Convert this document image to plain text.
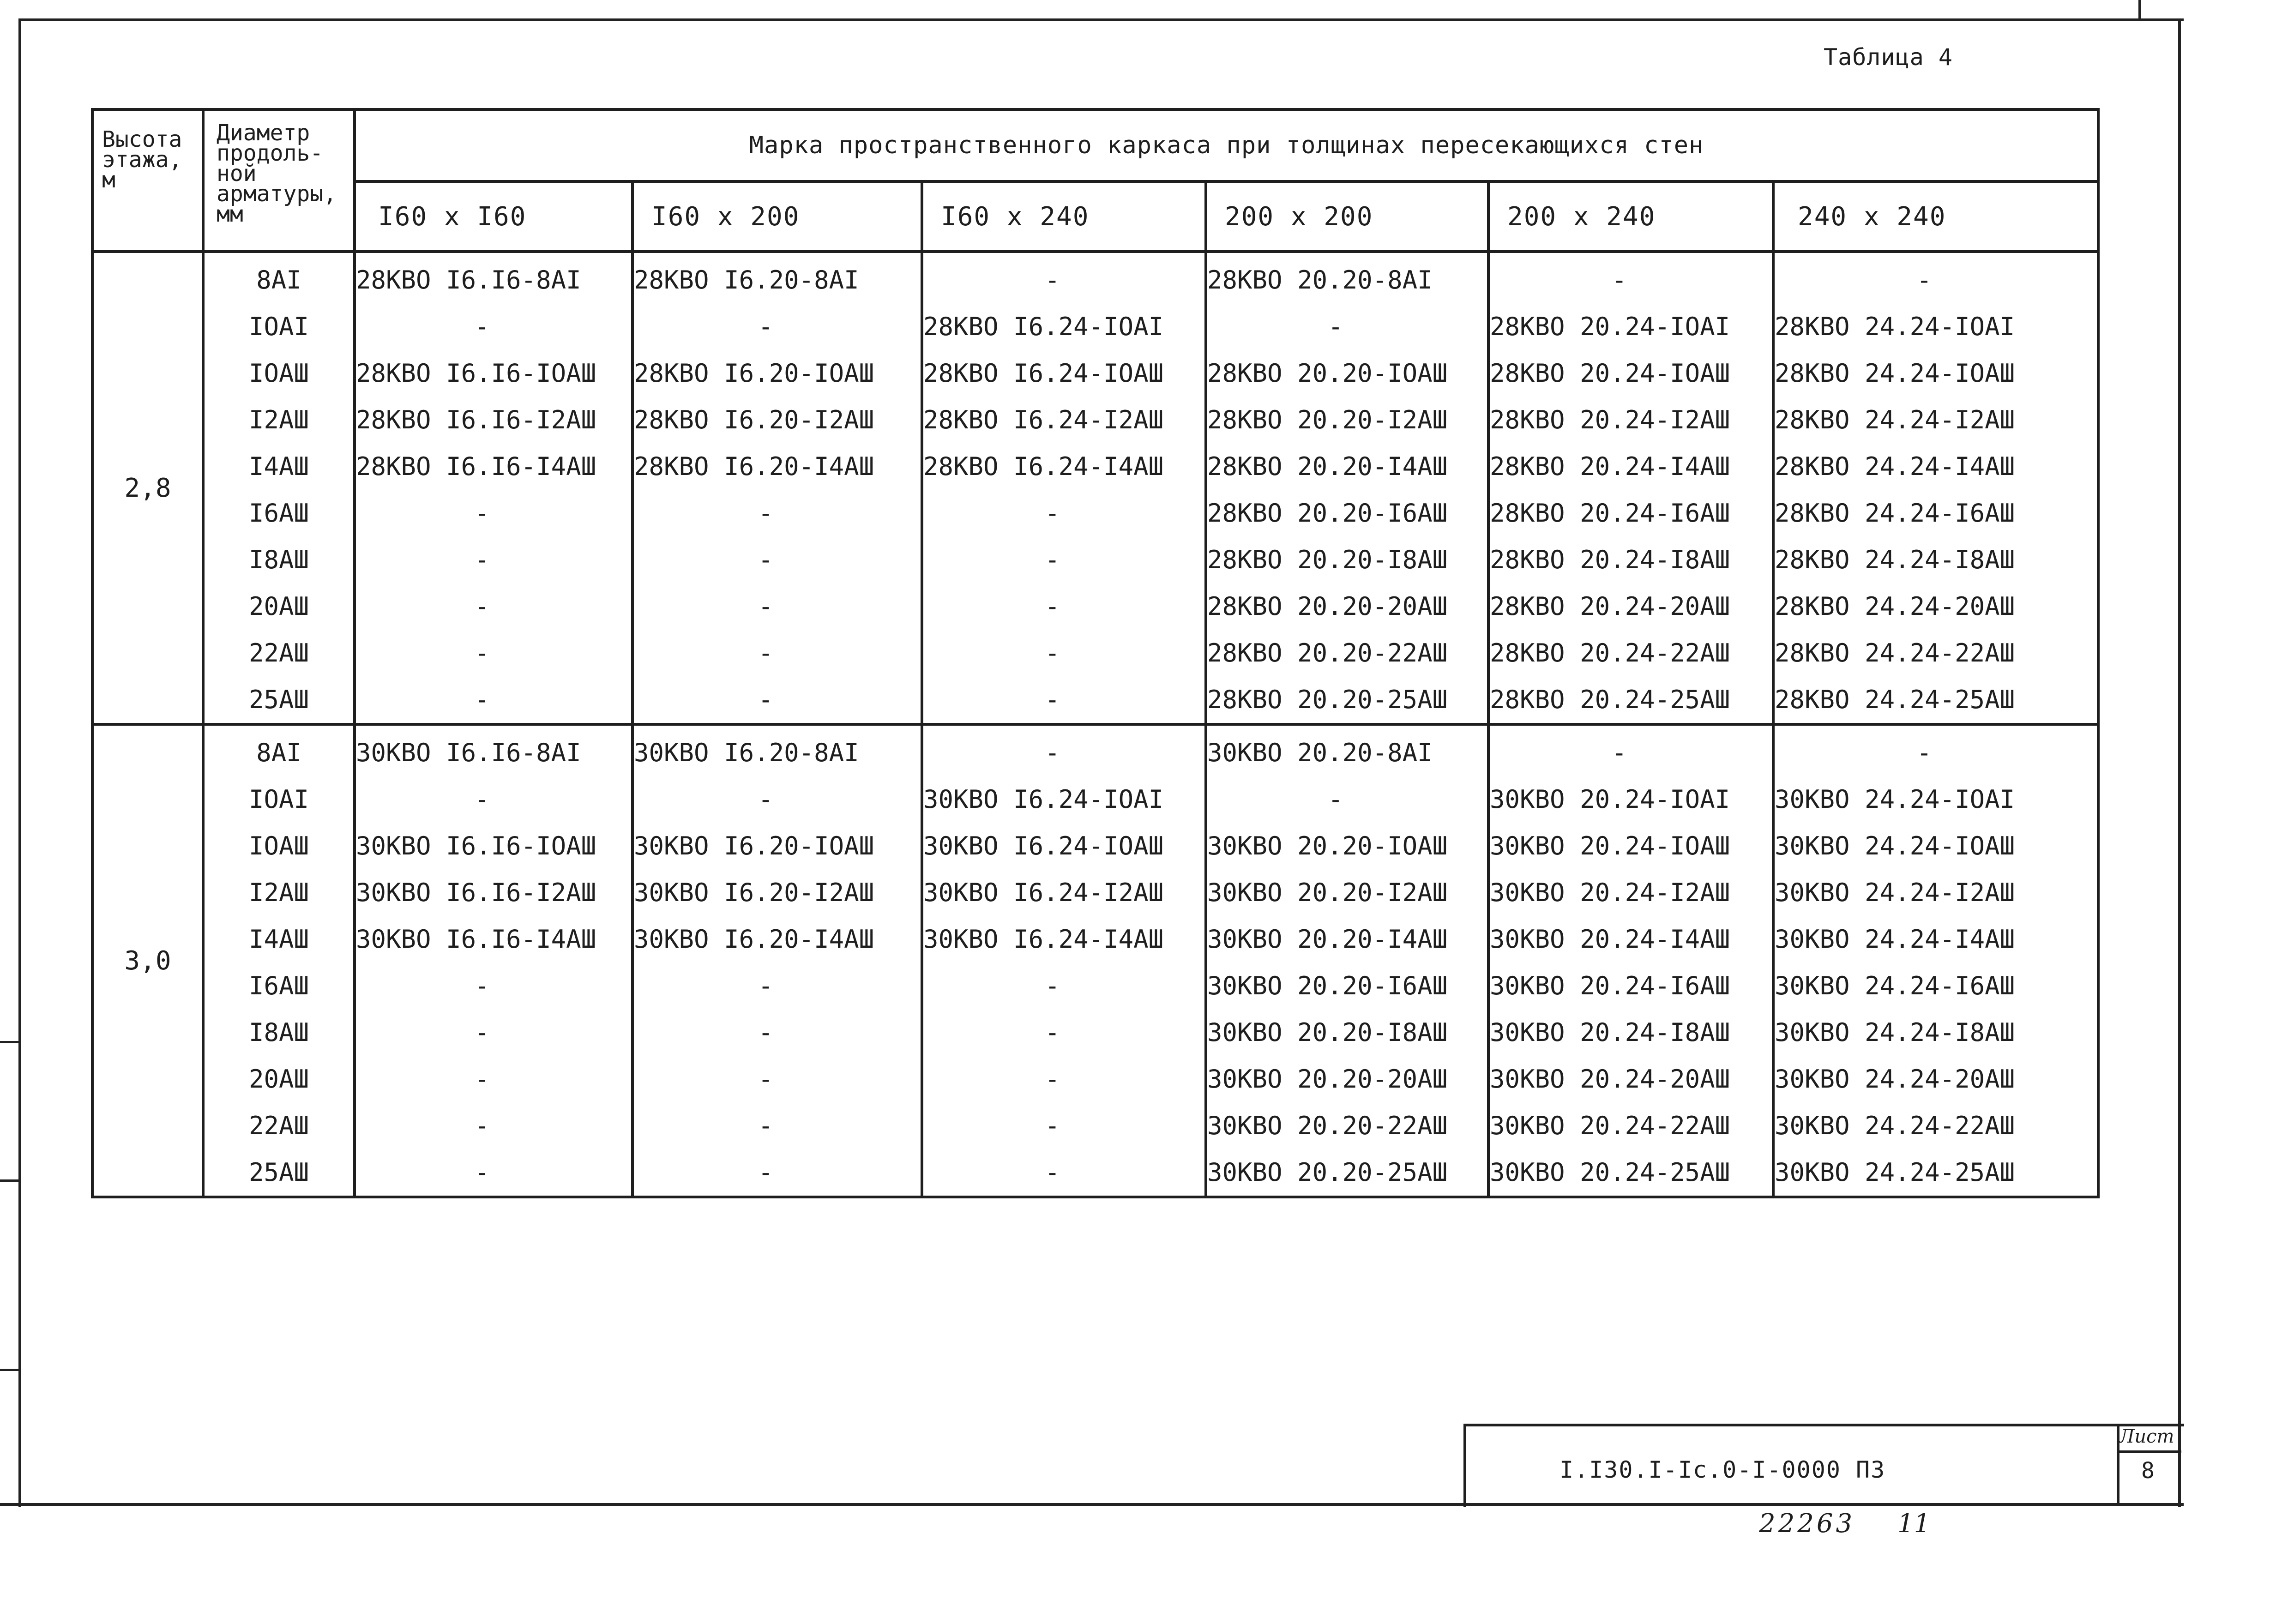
Таблица 4
Высота этажа, м	Диаметр продоль-ной арматуры, мм	Марка пространственного каркаса при толщинах пересекающихся стен					
		I60 x I60	I60 x 200	I60 x 240	200 x 200	200 x 240	240 x 240
2,8	8AI	28КВО I6.I6-8AI	28КВО I6.20-8AI	-	28КВО 20.20-8AI	-	-
	IOAI	-	-	28КВО I6.24-IOAI	-	28КВО 20.24-IOAI	28КВО 24.24-IOAI
	IOAШ	28КВО I6.I6-IOAШ	28КВО I6.20-IOAШ	28КВО I6.24-IOAШ	28КВО 20.20-IOAШ	28КВО 20.24-IOAШ	28КВО 24.24-IOAШ
	I2AШ	28КВО I6.I6-I2AШ	28КВО I6.20-I2AШ	28КВО I6.24-I2AШ	28КВО 20.20-I2AШ	28КВО 20.24-I2AШ	28КВО 24.24-I2AШ
	I4AШ	28КВО I6.I6-I4AШ	28КВО I6.20-I4AШ	28КВО I6.24-I4AШ	28КВО 20.20-I4AШ	28КВО 20.24-I4AШ	28КВО 24.24-I4AШ
	I6AШ	-	-	-	28КВО 20.20-I6AШ	28КВО 20.24-I6AШ	28КВО 24.24-I6AШ
	I8AШ	-	-	-	28КВО 20.20-I8AШ	28КВО 20.24-I8AШ	28КВО 24.24-I8AШ
	20AШ	-	-	-	28КВО 20.20-20AШ	28КВО 20.24-20AШ	28КВО 24.24-20AШ
	22AШ	-	-	-	28КВО 20.20-22AШ	28КВО 20.24-22AШ	28КВО 24.24-22AШ
	25AШ	-	-	-	28КВО 20.20-25AШ	28КВО 20.24-25AШ	28КВО 24.24-25AШ
3,0	8AI	30КВО I6.I6-8AI	30КВО I6.20-8AI	-	30КВО 20.20-8AI	-	-
	IOAI	-	-	30КВО I6.24-IOAI	-	30КВО 20.24-IOAI	30КВО 24.24-IOAI
	IOAШ	30КВО I6.I6-IOAШ	30КВО I6.20-IOAШ	30КВО I6.24-IOAШ	30КВО 20.20-IOAШ	30КВО 20.24-IOAШ	30КВО 24.24-IOAШ
	I2AШ	30КВО I6.I6-I2AШ	30КВО I6.20-I2AШ	30КВО I6.24-I2AШ	30КВО 20.20-I2AШ	30КВО 20.24-I2AШ	30КВО 24.24-I2AШ
	I4AШ	30КВО I6.I6-I4AШ	30КВО I6.20-I4AШ	30КВО I6.24-I4AШ	30КВО 20.20-I4AШ	30КВО 20.24-I4AШ	30КВО 24.24-I4AШ
	I6AШ	-	-	-	30КВО 20.20-I6AШ	30КВО 20.24-I6AШ	30КВО 24.24-I6AШ
	I8AШ	-	-	-	30КВО 20.20-I8AШ	30КВО 20.24-I8AШ	30КВО 24.24-I8AШ
	20AШ	-	-	-	30КВО 20.20-20AШ	30КВО 20.24-20AШ	30КВО 24.24-20AШ
	22AШ	-	-	-	30КВО 20.20-22AШ	30КВО 20.24-22AШ	30КВО 24.24-22AШ
	25AШ	-	-	-	30КВО 20.20-25AШ	30КВО 20.24-25AШ	30КВО 24.24-25AШ
I.I30.I-Ic.0-I-0000 ПЗ
Лист
8
22263 11
